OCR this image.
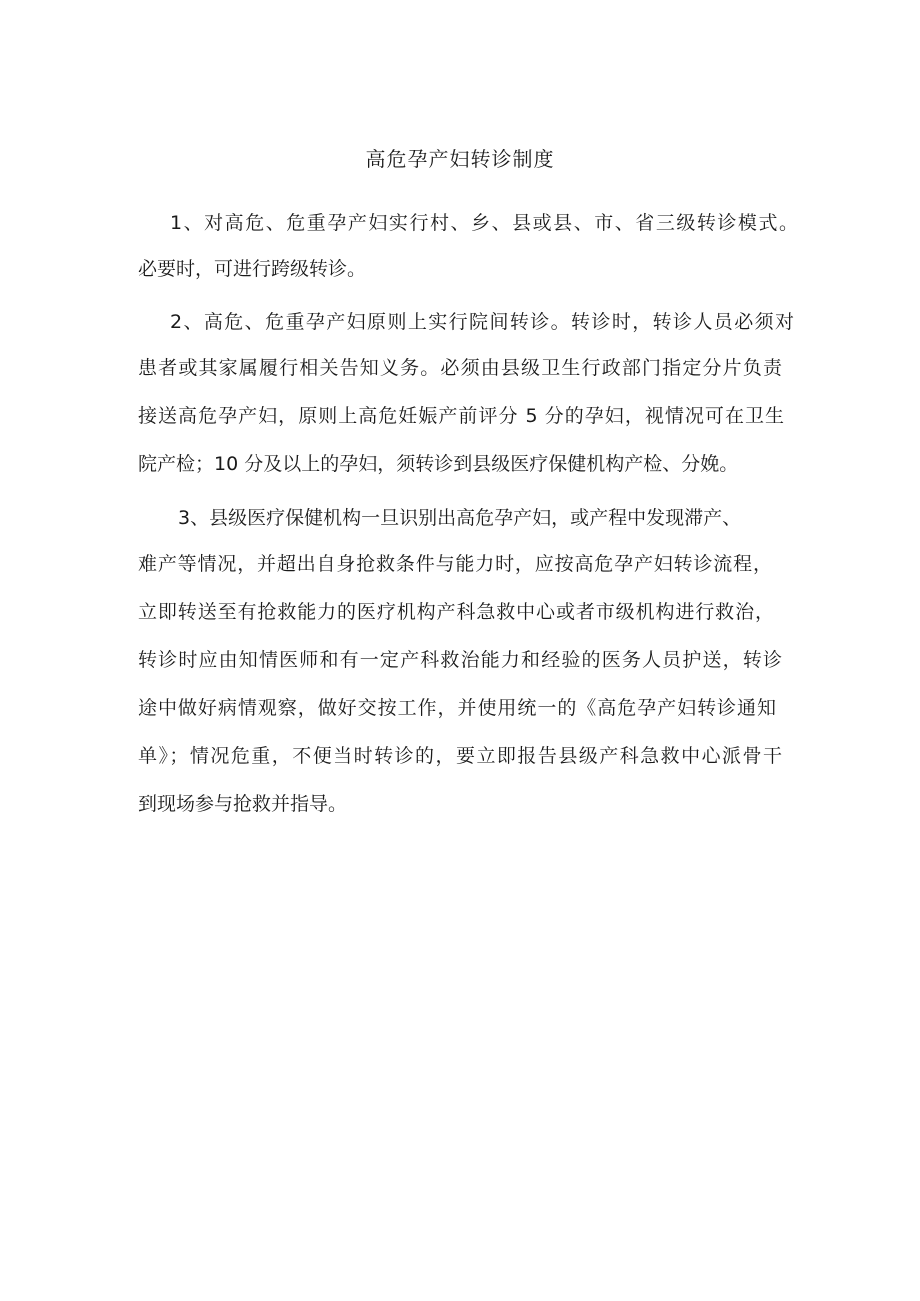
高危孕产妇转诊制度
1、对高危、危重孕产妇实行村、乡、县或县、市、省三级转诊模式。
必要时，可进行跨级转诊。
2、高危、危重孕产妇原则上实行院间转诊。转诊时，转诊人员必须对
患者或其家属履行相关告知义务。必须由县级卫生行政部门指定分片负责
接送高危孕产妇，原则上高危妊娠产前评分 5 分的孕妇，视情况可在卫生
院产检；10 分及以上的孕妇，须转诊到县级医疗保健机构产检、分娩。
3、县级医疗保健机构一旦识别出高危孕产妇，或产程中发现滞产、
难产等情况，并超出自身抢救条件与能力时，应按高危孕产妇转诊流程，
立即转送至有抢救能力的医疗机构产科急救中心或者市级机构进行救治，
转诊时应由知情医师和有一定产科救治能力和经验的医务人员护送，转诊
途中做好病情观察，做好交按工作，并使用统一的《高危孕产妇转诊通知
单》；情况危重，不便当时转诊的，要立即报告县级产科急救中心派骨干
到现场参与抢救并指导。
